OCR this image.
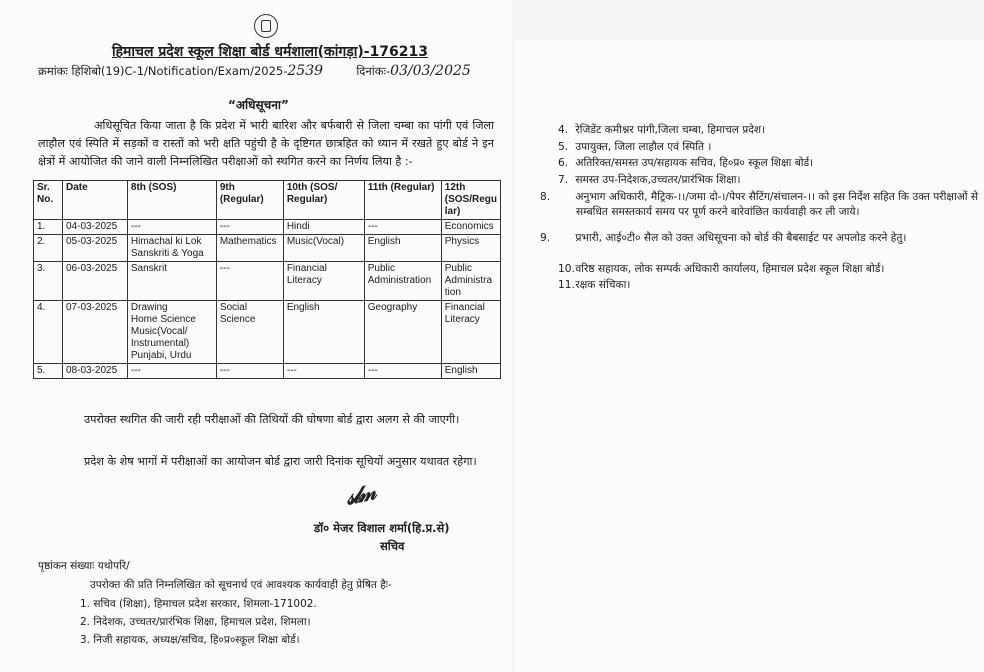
हिमाचल प्रदेश स्कूल शिक्षा बोर्ड धर्मशाला(कांगड़ा)-176213
क्रमांकः हिशिबो(19)C-1/Notification/Exam/2025-2539	दिनांकः-03/03/2025
“अधिसूचना”
अधिसूचित किया जाता है कि प्रदेश में भारी बारिश और बर्फबारी से जिला चम्बा का पांगी एवं जिला लाहौल एवं स्पिति में सड़कों व रास्तों को भरी क्षति पहुंची है के दृष्टिगत छात्रहित को ध्यान में रखते हुए बोर्ड ने इन क्षेत्रों में आयोजित की जाने वाली निम्नलिखित परीक्षाओं को स्थगित करने का निर्णय लिया है :-
Sr. No.	Date	8th (SOS)	9th (Regular)	10th (SOS/ Regular)	11th (Regular)	12th (SOS/Regu lar)
1.	04-03-2025	---	---	Hindi	---	Economics
2.	05-03-2025	Himachal ki Lok Sanskriti & Yoga	Mathematics	Music(Vocal)	English	Physics
3.	06-03-2025	Sanskrit	---	Financial Literacy	Public Administration	Public Administra tion
4.	07-03-2025	Drawing
Home Science
Music(Vocal/ Instrumental)
Punjabi, Urdu	Social Science	English	Geography	Financial Literacy
5.	08-03-2025	---	---	---	---	English
उपरोक्त स्थगित की जारी रही परीक्षाओं की तिथियों की घोषणा बोर्ड द्वारा अलग से की जाएगी।
प्रदेश के शेष भागों में परीक्षाओं का आयोजन बोर्ड द्वारा जारी दिनांक सूचियों अनुसार यथावत रहेगा।
𝓈𝓁𝓂
डॉ० मेजर विशाल शर्मा(हि.प्र.से)
सचिव
पृष्ठांकन संख्याः यथोपरि/
उपरोक्त की प्रति निम्नलिखित को सूचनार्थ एवं आवश्यक कार्यवाही हेतु प्रेषित हैः-
1. सचिव (शिक्षा), हिमाचल प्रदेश सरकार, शिमला-171002.
2. निदेशक, उच्चतर/प्रारंभिक शिक्षा, हिमाचल प्रदेश, शिमला।
3. निजी सहायक, अध्यक्ष/सचिव, हि०प्र०स्कूल शिक्षा बोर्ड।
4. रेजिडेंट कमीश्नर पांगी,जिला चम्बा, हिमाचल प्रदेश।
5. उपायुक्त, जिला लाहौल एवं स्पिति ।
6. अतिरिक्त/समस्त उप/सहायक सचिव, हि०प्र० स्कूल शिक्षा बोर्ड।
7. समस्त उप-निदेशक,उच्चतर/प्रारंभिक शिक्षा।
8. अनुभाग अधिकारी, मैट्रिक-।।/जमा दो-।/पेपर सैटिंग/संचालन-।। को इस निर्देश सहित कि उक्त परीक्षाओं से सम्बधित समस्तकार्य समय पर पूर्ण करने बारेवांछित कार्यवाही कर ली जाये।
9. प्रभारी, आई०टी० सैल को उक्त अधिसूचना को बोर्ड की बैबसाईट पर अपलोड करने हेतु।
10. वरिष्ठ सहायक, लोक सम्पर्क अधिकारी कार्यालय, हिमाचल प्रदेश स्कूल शिक्षा बोर्ड।
11. रक्षक संचिका।
